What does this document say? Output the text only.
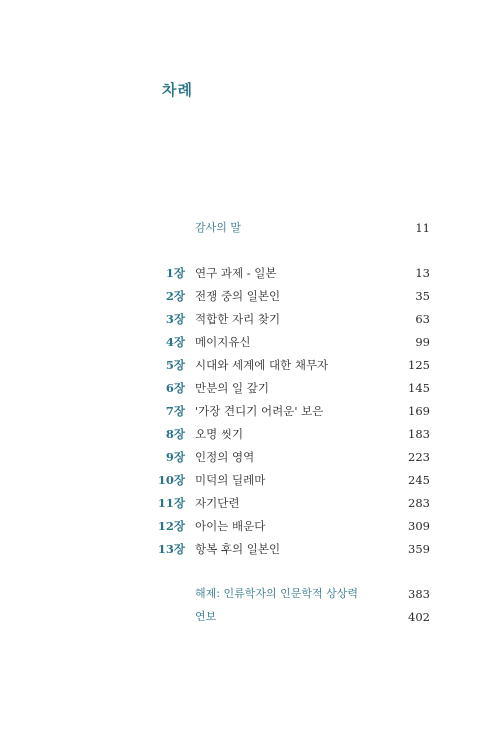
차례
감사의 말	11
1장 연구 과제 - 일본	13
2장 전쟁 중의 일본인	35
3장 적합한 자리 찾기	63
4장 메이지유신	99
5장 시대와 세계에 대한 채무자	125
6장 만분의 일 갚기	145
7장 '가장 견디기 어려운' 보은	169
8장 오명 씻기	183
9장 인정의 영역	223
10장 미덕의 딜레마	245
11장 자기단련	283
12장 아이는 배운다	309
13장 항복 후의 일본인	359
해제: 인류학자의 인문학적 상상력	383
연보	402
